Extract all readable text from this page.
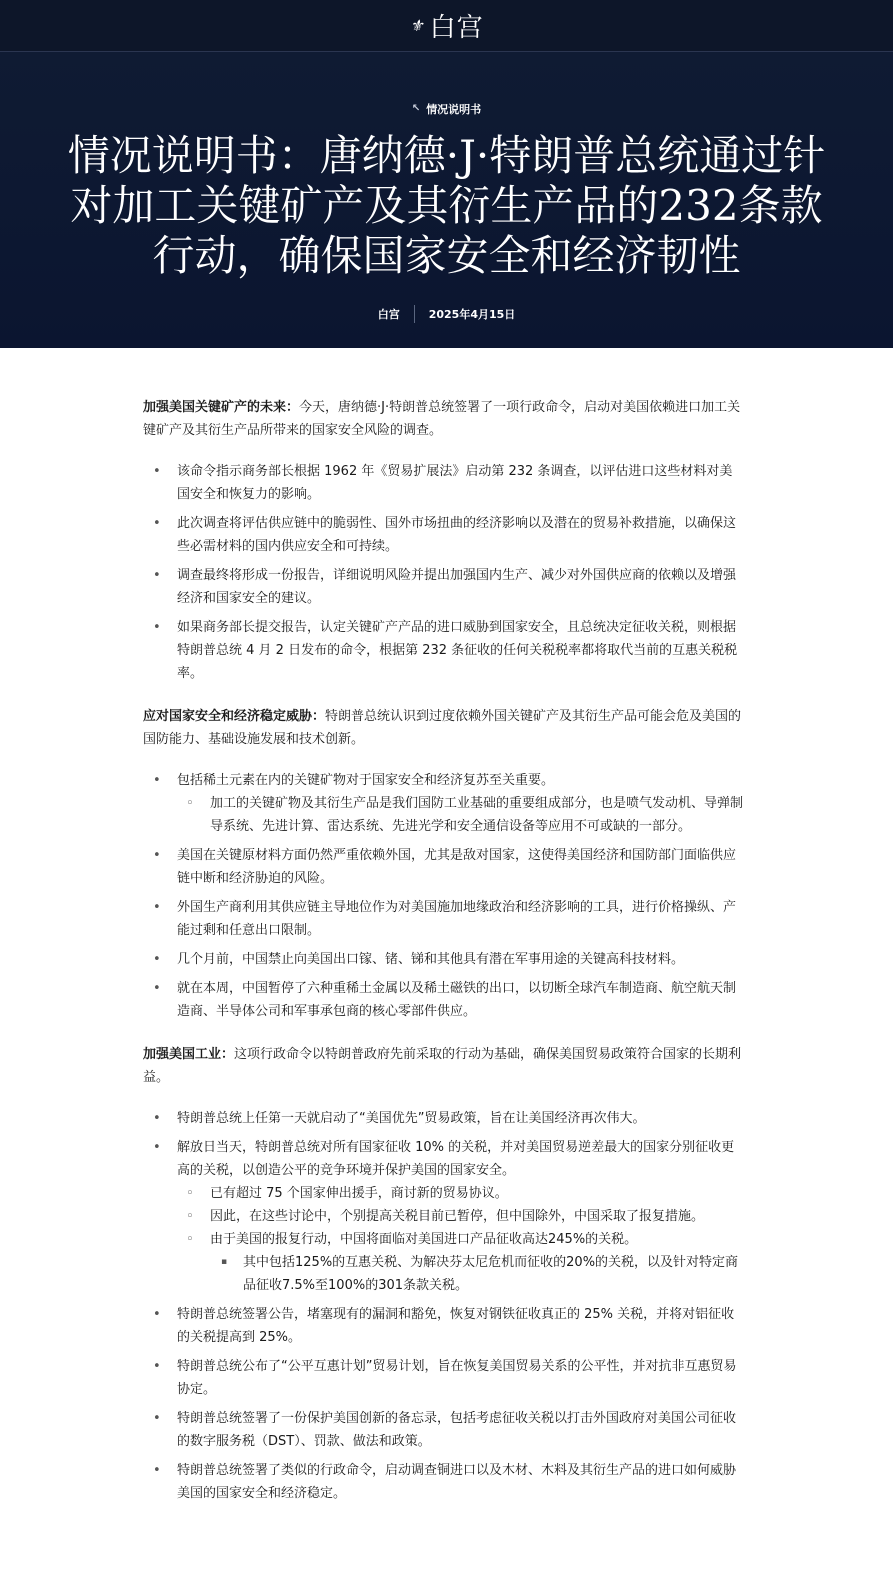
⚜ 白宫
↖ 情况说明书
情况说明书：唐纳德·J·特朗普总统通过针对加工关键矿产及其衍生产品的232条款行动，确保国家安全和经济韧性
白宫	2025年4月15日

加强美国关键矿产的未来：今天，唐纳德·J·特朗普总统签署了一项行政命令，启动对美国依赖进口加工关键矿产及其衍生产品所带来的国家安全风险的调查。

• 该命令指示商务部长根据 1962 年《贸易扩展法》启动第 232 条调查，以评估进口这些材料对美国安全和恢复力的影响。
• 此次调查将评估供应链中的脆弱性、国外市场扭曲的经济影响以及潜在的贸易补救措施，以确保这些必需材料的国内供应安全和可持续。
• 调查最终将形成一份报告，详细说明风险并提出加强国内生产、减少对外国供应商的依赖以及增强经济和国家安全的建议。
• 如果商务部长提交报告，认定关键矿产产品的进口威胁到国家安全，且总统决定征收关税，则根据特朗普总统 4 月 2 日发布的命令，根据第 232 条征收的任何关税税率都将取代当前的互惠关税税率。

应对国家安全和经济稳定威胁：特朗普总统认识到过度依赖外国关键矿产及其衍生产品可能会危及美国的国防能力、基础设施发展和技术创新。

• 包括稀土元素在内的关键矿物对于国家安全和经济复苏至关重要。
◦ 加工的关键矿物及其衍生产品是我们国防工业基础的重要组成部分，也是喷气发动机、导弹制导系统、先进计算、雷达系统、先进光学和安全通信设备等应用不可或缺的一部分。
• 美国在关键原材料方面仍然严重依赖外国，尤其是敌对国家，这使得美国经济和国防部门面临供应链中断和经济胁迫的风险。
• 外国生产商利用其供应链主导地位作为对美国施加地缘政治和经济影响的工具，进行价格操纵、产能过剩和任意出口限制。
• 几个月前，中国禁止向美国出口镓、锗、锑和其他具有潜在军事用途的关键高科技材料。
• 就在本周，中国暂停了六种重稀土金属以及稀土磁铁的出口，以切断全球汽车制造商、航空航天制造商、半导体公司和军事承包商的核心零部件供应。

加强美国工业：这项行政命令以特朗普政府先前采取的行动为基础，确保美国贸易政策符合国家的长期利益。

• 特朗普总统上任第一天就启动了“美国优先”贸易政策，旨在让美国经济再次伟大。
• 解放日当天，特朗普总统对所有国家征收 10% 的关税，并对美国贸易逆差最大的国家分别征收更高的关税，以创造公平的竞争环境并保护美国的国家安全。
◦ 已有超过 75 个国家伸出援手，商讨新的贸易协议。
◦ 因此，在这些讨论中，个别提高关税目前已暂停，但中国除外，中国采取了报复措施。
◦ 由于美国的报复行动，中国将面临对美国进口产品征收高达245%的关税。
▪ 其中包括125%的互惠关税、为解决芬太尼危机而征收的20%的关税，以及针对特定商品征收7.5%至100%的301条款关税。
• 特朗普总统签署公告，堵塞现有的漏洞和豁免，恢复对钢铁征收真正的 25% 关税，并将对铝征收的关税提高到 25%。
• 特朗普总统公布了“公平互惠计划”贸易计划，旨在恢复美国贸易关系的公平性，并对抗非互惠贸易协定。
• 特朗普总统签署了一份保护美国创新的备忘录，包括考虑征收关税以打击外国政府对美国公司征收的数字服务税（DST）、罚款、做法和政策。
• 特朗普总统签署了类似的行政命令，启动调查铜进口以及木材、木料及其衍生产品的进口如何威胁美国的国家安全和经济稳定。
